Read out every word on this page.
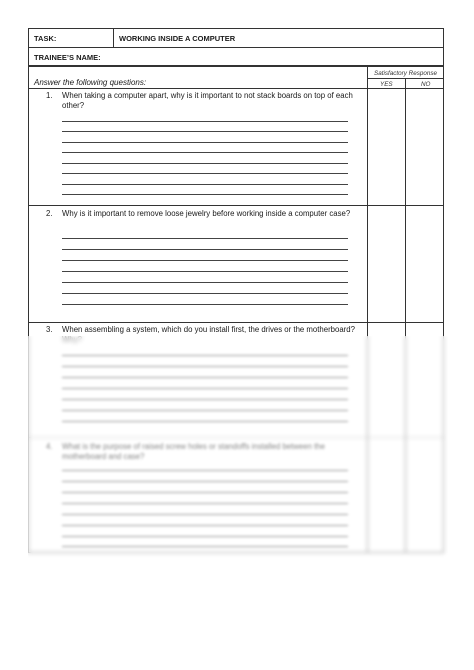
TASK:	WORKING INSIDE A COMPUTER
TRAINEE’S NAME:
Satisfactory Response
YES	NO
Answer the following questions:
1. When taking a computer apart, why is it important to not stack boards on top of each other?
2. Why is it important to remove loose jewelry before working inside a computer case?
3. When assembling a system, which do you install first, the drives or the motherboard?
4. What is the purpose of raised screw holes or standoffs installed between the motherboard and case?
